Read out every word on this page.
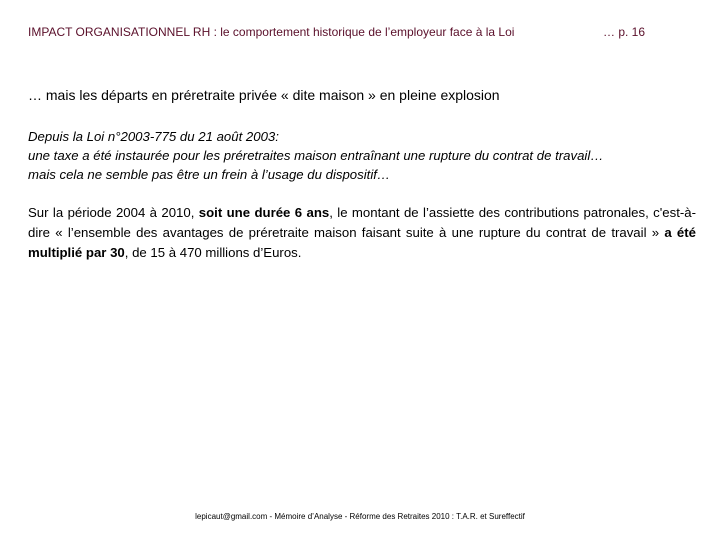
IMPACT ORGANISATIONNEL RH : le comportement historique de l’employeur face à la Loi	… p. 16
… mais les départs en préretraite privée « dite maison » en pleine explosion
Depuis la Loi n°2003-775 du 21 août 2003:
une taxe a été instaurée pour les préretraites maison entraînant une rupture du contrat de travail…
mais cela ne semble pas être un frein à l’usage du dispositif…
Sur la période 2004 à 2010, soit une durée 6 ans, le montant de l’assiette des contributions patronales, c'est-à-dire « l’ensemble des avantages de préretraite maison faisant suite à une rupture du contrat de travail » a été multiplié par 30, de 15 à 470 millions d’Euros.
lepicaut@gmail.com - Mémoire d’Analyse - Réforme des Retraites 2010 : T.A.R. et Sureffectif
